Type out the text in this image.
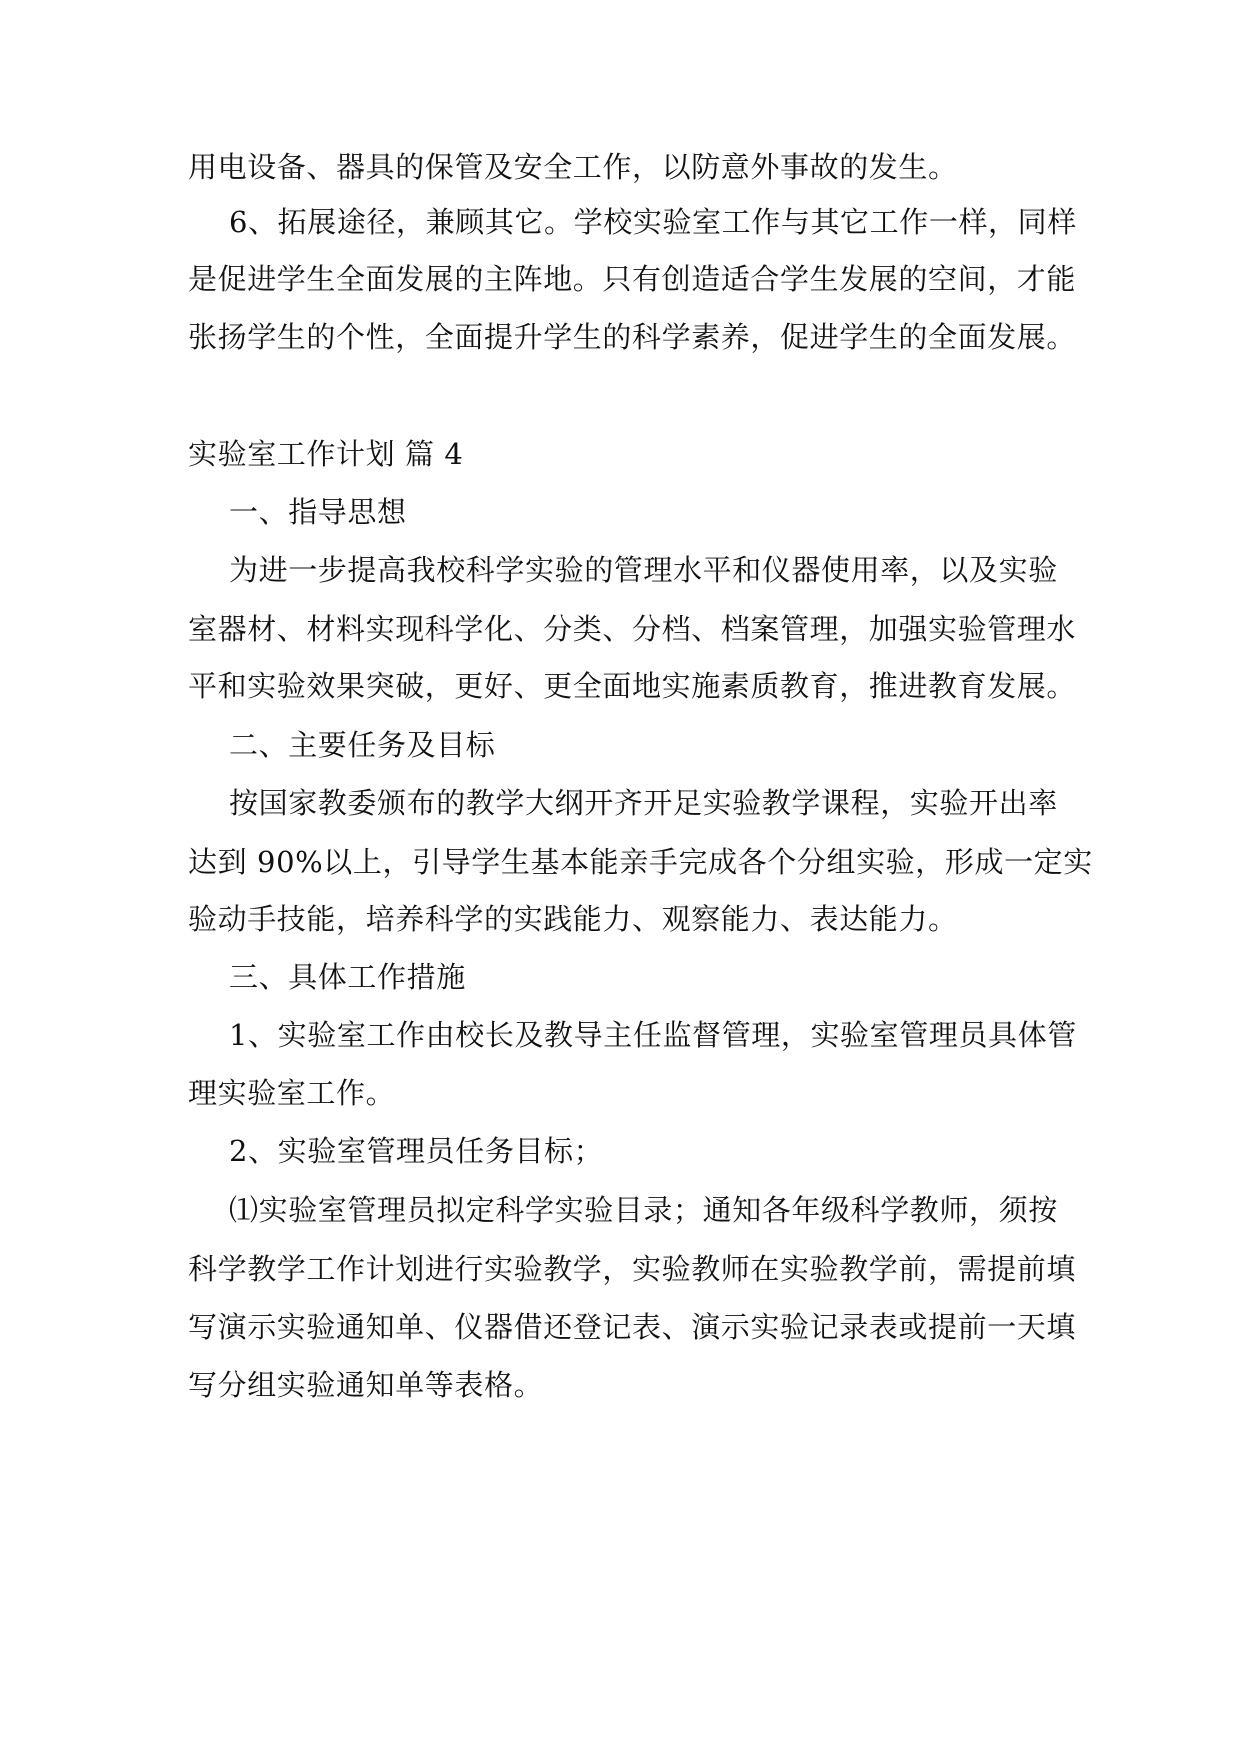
用电设备、器具的保管及安全工作，以防意外事故的发生。
6、拓展途径，兼顾其它。学校实验室工作与其它工作一样，同样
是促进学生全面发展的主阵地。只有创造适合学生发展的空间，才能
张扬学生的个性，全面提升学生的科学素养，促进学生的全面发展。
实验室工作计划 篇 4
一、指导思想
为进一步提高我校科学实验的管理水平和仪器使用率，以及实验
室器材、材料实现科学化、分类、分档、档案管理，加强实验管理水
平和实验效果突破，更好、更全面地实施素质教育，推进教育发展。
二、主要任务及目标
按国家教委颁布的教学大纲开齐开足实验教学课程，实验开出率
达到 90%以上，引导学生基本能亲手完成各个分组实验，形成一定实
验动手技能，培养科学的实践能力、观察能力、表达能力。
三、具体工作措施
1、实验室工作由校长及教导主任监督管理，实验室管理员具体管
理实验室工作。
2、实验室管理员任务目标；
⑴实验室管理员拟定科学实验目录；通知各年级科学教师，须按
科学教学工作计划进行实验教学，实验教师在实验教学前，需提前填
写演示实验通知单、仪器借还登记表、演示实验记录表或提前一天填
写分组实验通知单等表格。
